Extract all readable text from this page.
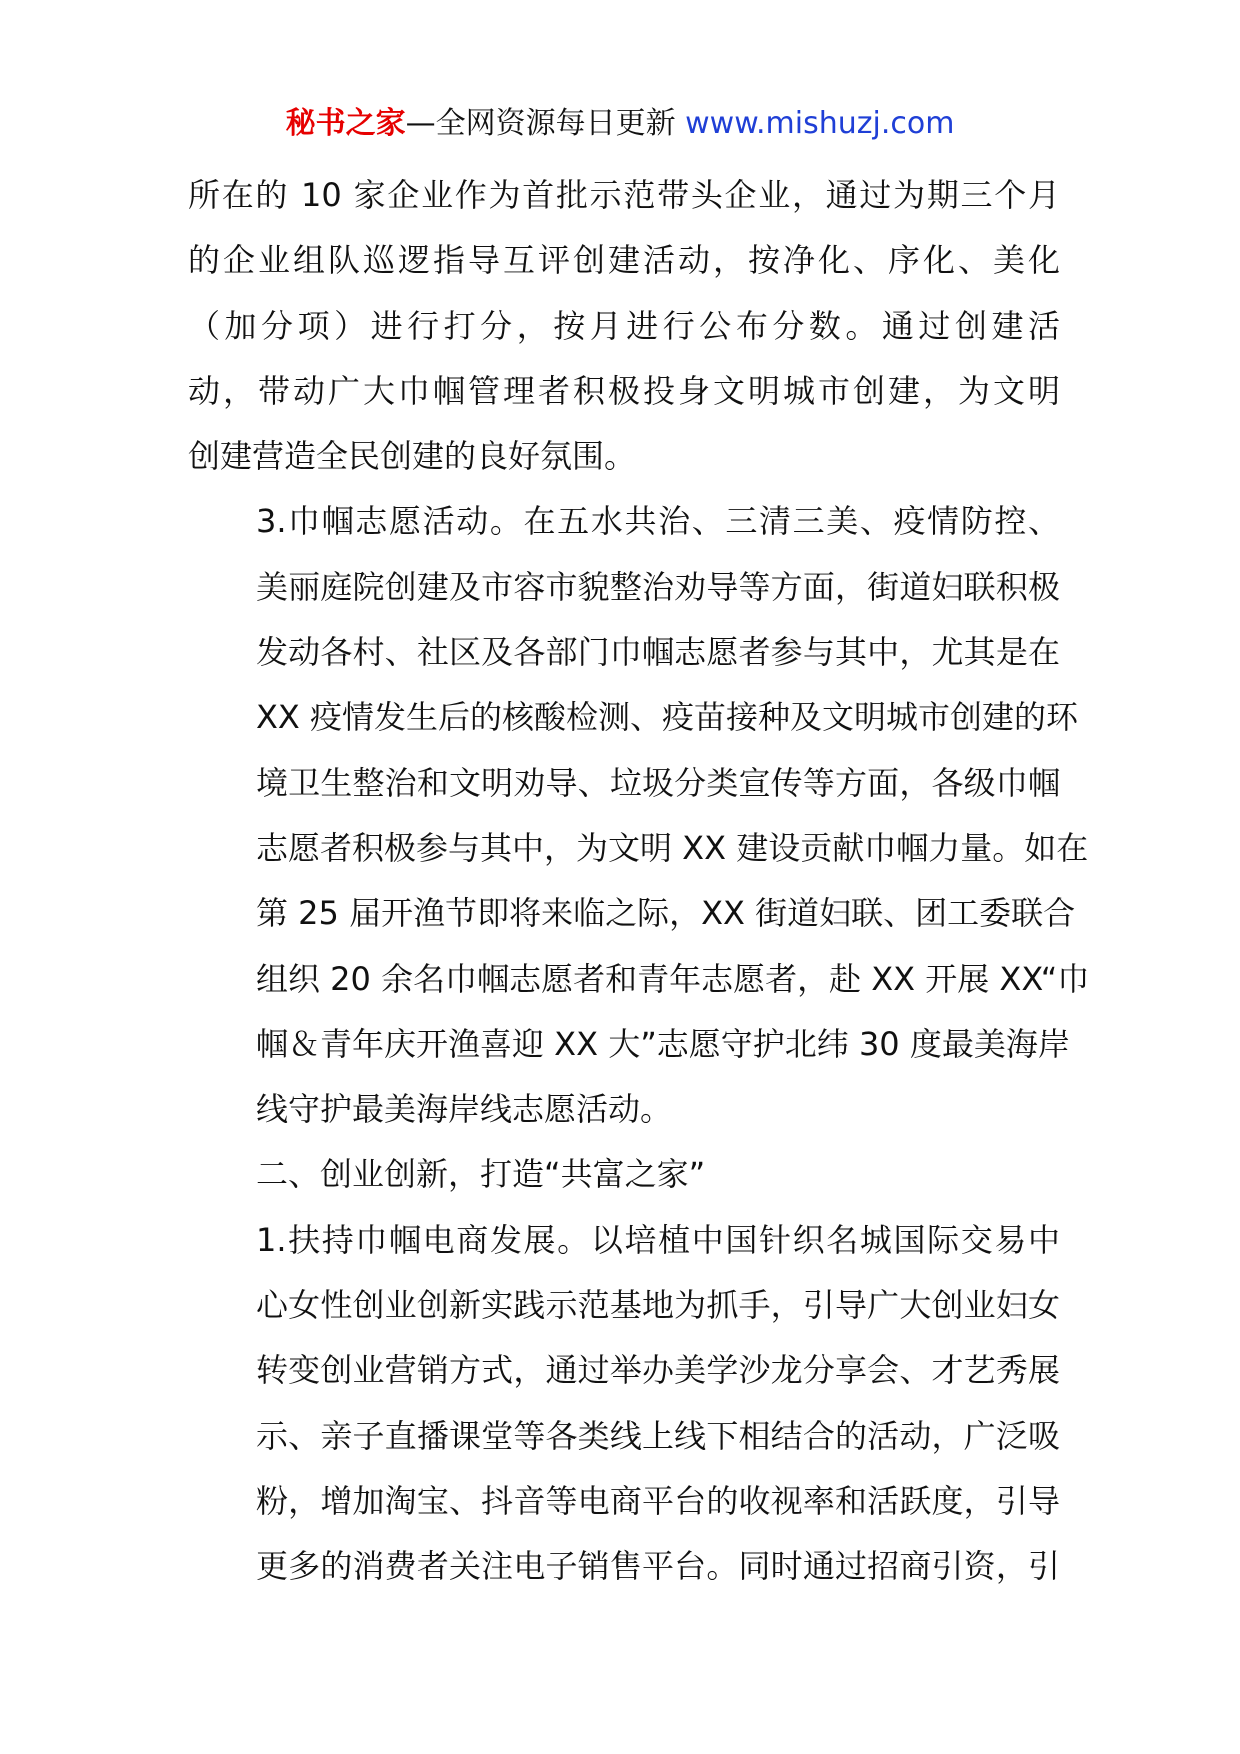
秘书之家—全网资源每日更新 www.mishuzj.com

所在的 10 家企业作为首批示范带头企业，通过为期三个月
的企业组队巡逻指导互评创建活动，按净化、序化、美化
（加分项）进行打分，按月进行公布分数。通过创建活
动，带动广大巾帼管理者积极投身文明城市创建，为文明
创建营造全民创建的良好氛围。

3.巾帼志愿活动。在五水共治、三清三美、疫情防控、
美丽庭院创建及市容市貌整治劝导等方面，街道妇联积极
发动各村、社区及各部门巾帼志愿者参与其中，尤其是在
XX 疫情发生后的核酸检测、疫苗接种及文明城市创建的环
境卫生整治和文明劝导、垃圾分类宣传等方面，各级巾帼
志愿者积极参与其中，为文明 XX 建设贡献巾帼力量。如在
第 25 届开渔节即将来临之际，XX 街道妇联、团工委联合
组织 20 余名巾帼志愿者和青年志愿者，赴 XX 开展 XX“巾
帼＆青年庆开渔喜迎 XX 大”志愿守护北纬 30 度最美海岸
线守护最美海岸线志愿活动。

二、创业创新，打造“共富之家”

1.扶持巾帼电商发展。以培植中国针织名城国际交易中
心女性创业创新实践示范基地为抓手，引导广大创业妇女
转变创业营销方式，通过举办美学沙龙分享会、才艺秀展
示、亲子直播课堂等各类线上线下相结合的活动，广泛吸
粉，增加淘宝、抖音等电商平台的收视率和活跃度，引导
更多的消费者关注电子销售平台。同时通过招商引资，引
